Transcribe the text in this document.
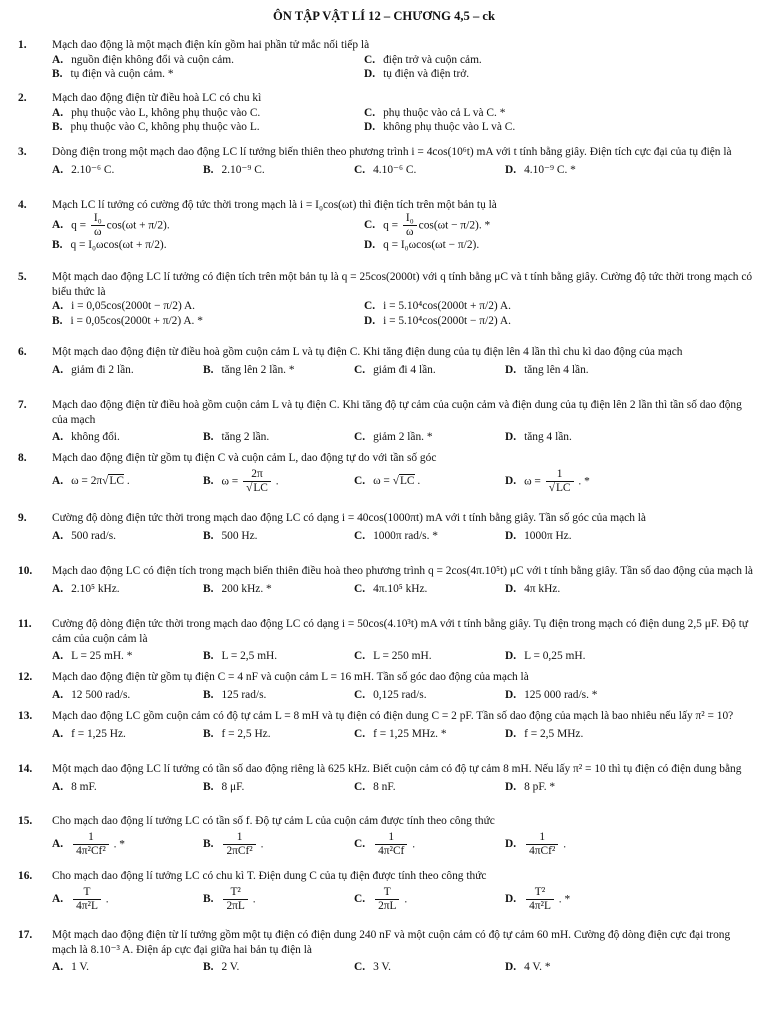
ÔN TẬP VẬT LÍ 12 – CHƯƠNG 4,5 – ck
1.	Mạch dao động là một mạch điện kín gồm hai phần tử mắc nối tiếp là
A. nguồn điện không đổi và cuộn cảm.	C. điện trở và cuộn cảm.
B. tụ điện và cuộn cảm. *	D. tụ điện và điện trở.
2.	Mạch dao động điện từ điều hoà LC có chu kì
A. phụ thuộc vào L, không phụ thuộc vào C.	C. phụ thuộc vào cả L và C. *
B. phụ thuộc vào C, không phụ thuộc vào L.	D. không phụ thuộc vào L và C.
3.	Dòng điện trong một mạch dao động LC lí tưởng biến thiên theo phương trình i = 4cos(10⁶t) mA với t tính bằng giây. Điện tích cực đại của tụ điện là
A. 2.10⁻⁶ C.	B. 2.10⁻⁹ C.	C. 4.10⁻⁶ C.	D. 4.10⁻⁹ C. *
4.	Mạch LC lí tưởng có cường độ tức thời trong mạch là i = I₀cos(ωt) thì điện tích trên một bản tụ là
A. $q = \frac{\text{I₀}}{\omega} \cos(\omega t + \pi/2)$.	C. $q = \frac{\text{I₀}}{\omega} \cos(\omega t - \pi/2)$. *
B. q = I₀ωcos(ωt + π/2).	D. q = I₀ωcos(ωt − π/2).
5.	Một mạch dao động LC lí tưởng có điện tích trên một bản tụ là q = 25cos(2000t) với q tính bằng μC và t tính bằng giây. Cường độ tức thời trong mạch có biểu thức là
A. i = 0,05cos(2000t − π/2) A.	C. i = 5.10⁴cos(2000t + π/2) A.
B. i = 0,05cos(2000t + π/2) A. *	D. i = 5.10⁴cos(2000t − π/2) A.
6.	Một mạch dao động điện từ điều hoà gồm cuộn cảm L và tụ điện C. Khi tăng điện dung của tụ điện lên 4 lần thì chu kì dao động của mạch
A. giảm đi 2 lần.	B. tăng lên 2 lần. *	C. giảm đi 4 lần.	D. tăng lên 4 lần.
7.	Mạch dao động điện từ điều hoà gồm cuộn cảm L và tụ điện C. Khi tăng độ tự cảm của cuộn cảm và điện dung của tụ điện lên 2 lần thì tần số dao động của mạch
A. không đổi.	B. tăng 2 lần.	C. giảm 2 lần. *	D. tăng 4 lần.
8.	Mạch dao động điện từ gồm tụ điện C và cuộn cảm L, dao động tự do với tần số góc
A. ω = 2π√LC .	B. $\omega = \frac{2\pi}{√LC}$ .	C. ω = √LC .	D. $\omega = \frac{1}{√LC}$ . *
9.	Cường độ dòng điện tức thời trong mạch dao động LC có dạng i = 40cos(1000πt) mA với t tính bằng giây. Tần số góc của mạch là
A. 500 rad/s.	B. 500 Hz.	C. 1000π rad/s. *	D. 1000π Hz.
10.	Mạch dao động LC có điện tích trong mạch biến thiên điều hoà theo phương trình q = 2cos(4π.10⁵t) μC với t tính bằng giây. Tần số dao động của mạch là
A. 2.10⁵ kHz.	B. 200 kHz. *	C. 4π.10⁵ kHz.	D. 4π kHz.
11.	Cường độ dòng điện tức thời trong mạch dao động LC có dạng i = 50cos(4.10³t) mA với t tính bằng giây. Tụ điện trong mạch có điện dung 2,5 μF. Độ tự cảm của cuộn cảm là
A. L = 25 mH. *	B. L = 2,5 mH.	C. L = 250 mH.	D. L = 0,25 mH.
12.	Mạch dao động điện từ gồm tụ điện C = 4 nF và cuộn cảm L = 16 mH. Tần số góc dao động của mạch là
A. 12 500 rad/s.	B. 125 rad/s.	C. 0,125 rad/s.	D. 125 000 rad/s. *
13.	Mạch dao động LC gồm cuộn cảm có độ tự cảm L = 8 mH và tụ điện có điện dung C = 2 pF. Tần số dao động của mạch là bao nhiêu nếu lấy π² = 10?
A. f = 1,25 Hz.	B. f = 2,5 Hz.	C. f = 1,25 MHz. *	D. f = 2,5 MHz.
14.	Một mạch dao động LC lí tưởng có tần số dao động riêng là 625 kHz. Biết cuộn cảm có độ tự cảm 8 mH. Nếu lấy π² = 10 thì tụ điện có điện dung bằng
A. 8 mF.	B. 8 μF.	C. 8 nF.	D. 8 pF. *
15.	Cho mạch dao động lí tưởng LC có tần số f. Độ tự cảm L của cuộn cảm được tính theo công thức
A. $\frac{1}{\text{4π²Cf²}}$ . *	B. $\frac{1}{\text{2πCf²}}$ .	C. $\frac{1}{\text{4π²Cf}}$ .	D. $\frac{1}{\text{4πCf²}}$ .
16.	Cho mạch dao động lí tưởng LC có chu kì T. Điện dung C của tụ điện được tính theo công thức
A. $\frac{T}{\text{4π²L}}$ .	B. $\frac{\text{T²}}{2\pi L}$ .	C. $\frac{T}{2\pi L}$ .	D. $\frac{\text{T²}}{\text{4π²L}}$ . *
17.	Một mạch dao động điện từ lí tưởng gồm một tụ điện có điện dung 240 nF và một cuộn cảm có độ tự cảm 60 mH. Cường độ dòng điện cực đại trong mạch là 8.10⁻³ A. Điện áp cực đại giữa hai bản tụ điện là
A. 1 V.	B. 2 V.	C. 3 V.	D. 4 V. *
